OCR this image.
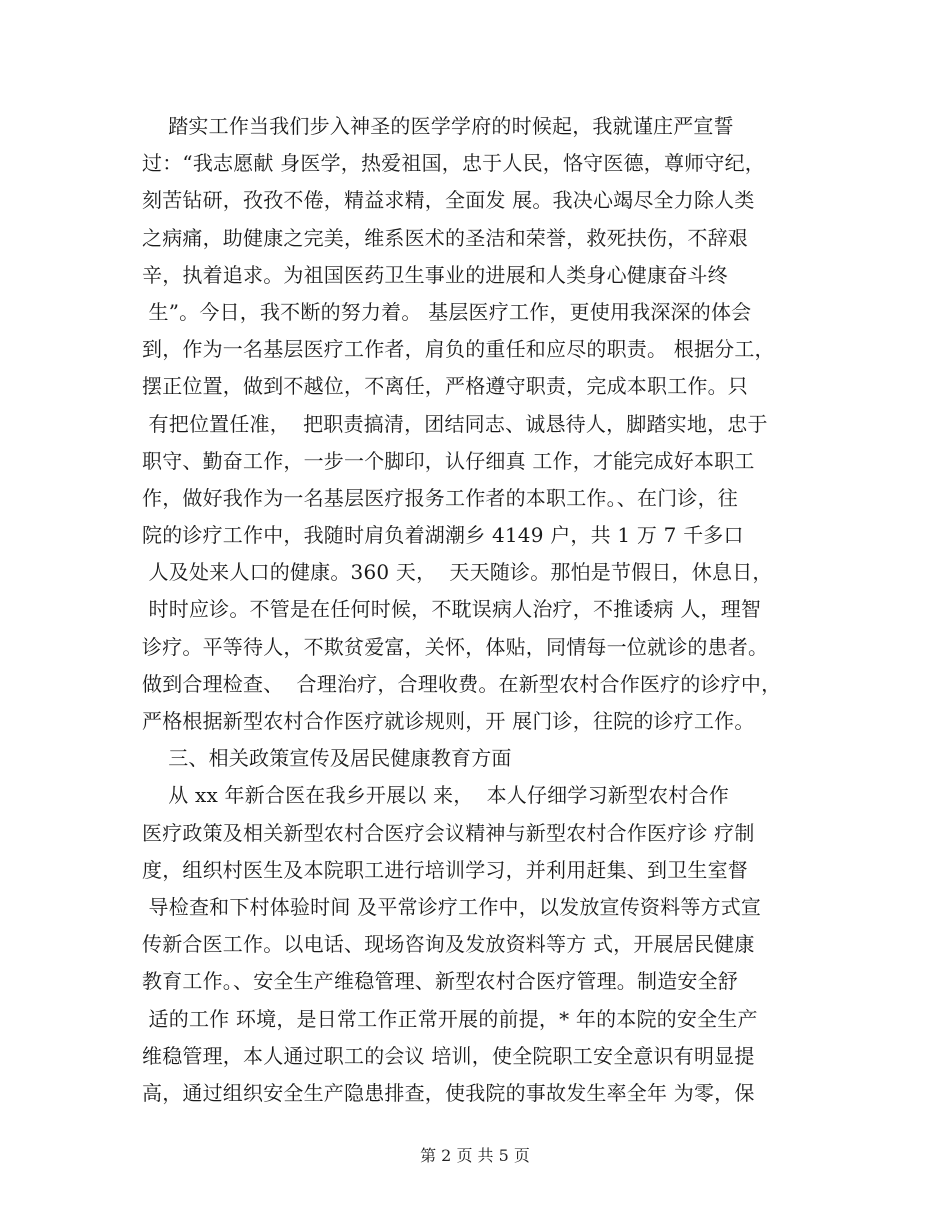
踏实工作当我们步入神圣的医学学府的时候起，我就谨庄严宣誓
过：“我志愿献 身医学，热爱祖国，忠于人民，恪守医德，尊师守纪，
刻苦钻研，孜孜不倦，精益求精，全面发 展。我决心竭尽全力除人类
之病痛，助健康之完美，维系医术的圣洁和荣誉，救死扶伤，不辞艰
辛，执着追求。为祖国医药卫生事业的进展和人类身心健康奋斗终
生”。今日，我不断的努力着。 基层医疗工作，更使用我深深的体会
到，作为一名基层医疗工作者，肩负的重任和应尽的职责。 根据分工，
摆正位置，做到不越位，不离任，严格遵守职责，完成本职工作。只
有把位置任准，  把职责搞清，团结同志、诚恳待人，脚踏实地，忠于
职守、勤奋工作，一步一个脚印，认仔细真 工作，才能完成好本职工
作，做好我作为一名基层医疗报务工作者的本职工作。、在门诊，往
院的诊疗工作中，我随时肩负着湖潮乡 4149 户，共 1 万 7 千多口
人及处来人口的健康。360 天，  天天随诊。那怕是节假日，休息日，
时时应诊。不管是在任何时候，不耽误病人治疗，不推诿病 人，理智
诊疗。平等待人，不欺贫爱富，关怀，体贴，同情每一位就诊的患者。
做到合理检查、  合理治疗，合理收费。在新型农村合作医疗的诊疗中，
严格根据新型农村合作医疗就诊规则，开 展门诊，往院的诊疗工作。
三、相关政策宣传及居民健康教育方面
从 xx 年新合医在我乡开展以 来，  本人仔细学习新型农村合作
医疗政策及相关新型农村合医疗会议精神与新型农村合作医疗诊 疗制
度，组织村医生及本院职工进行培训学习，并利用赶集、到卫生室督
导检查和下村体验时间 及平常诊疗工作中，以发放宣传资料等方式宣
传新合医工作。以电话、现场咨询及发放资料等方 式，开展居民健康
教育工作。、安全生产维稳管理、新型农村合医疗管理。制造安全舒
适的工作 环境，是日常工作正常开展的前提，* 年的本院的安全生产
维稳管理，本人通过职工的会议 培训，使全院职工安全意识有明显提
高，通过组织安全生产隐患排查，使我院的事故发生率全年 为零，保
第 2 页 共 5 页
